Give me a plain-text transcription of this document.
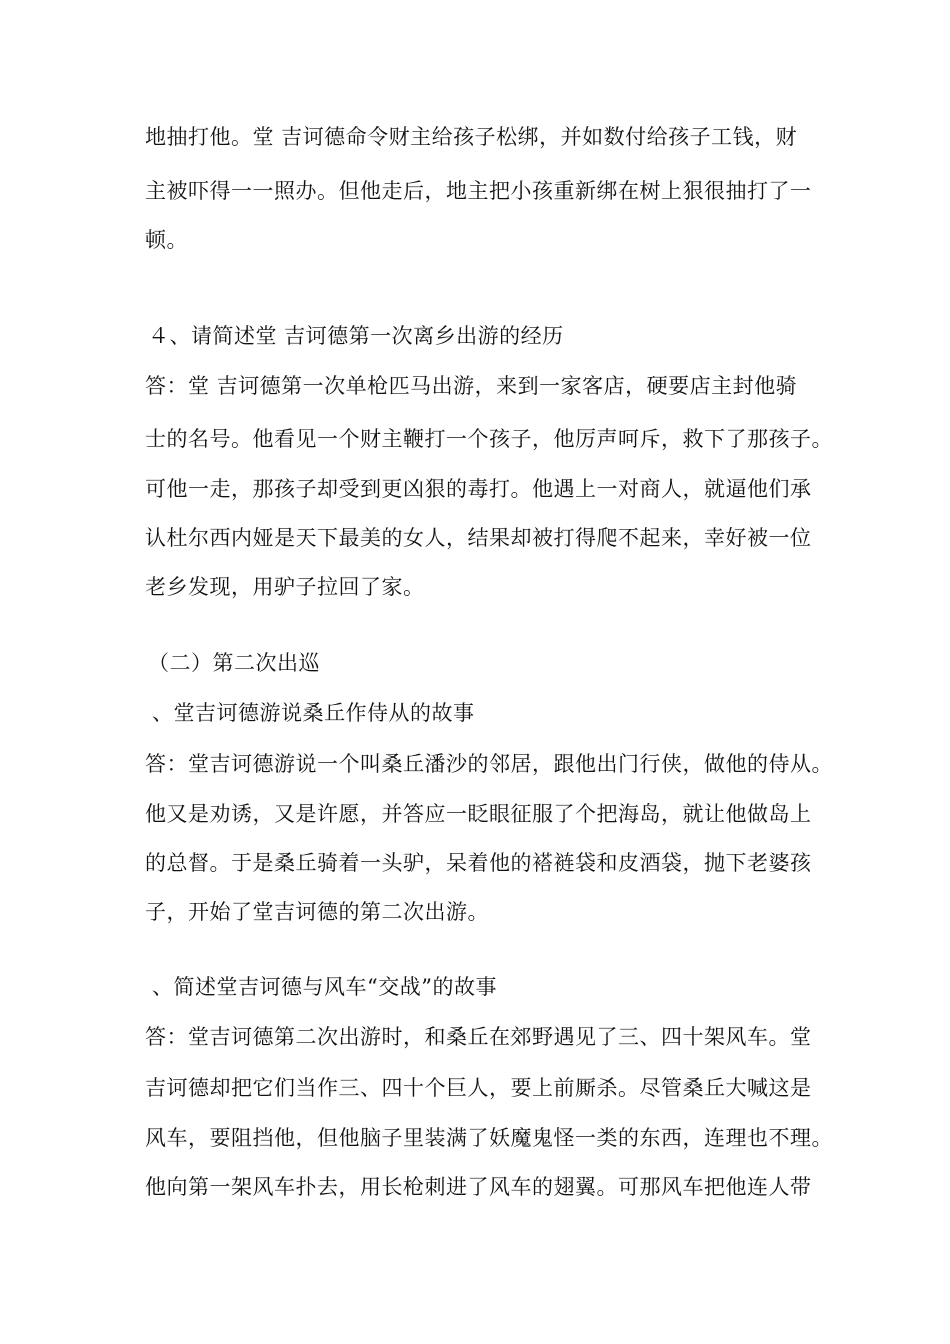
地抽打他。堂 吉诃德命令财主给孩子松绑，并如数付给孩子工钱，财
主被吓得一一照办。但他走后，地主把小孩重新绑在树上狠很抽打了一
顿。
４、请简述堂 吉诃德第一次离乡出游的经历
答：堂 吉诃德第一次单枪匹马出游，来到一家客店，硬要店主封他骑
士的名号。他看见一个财主鞭打一个孩子，他厉声呵斥，救下了那孩子。
可他一走，那孩子却受到更凶狠的毒打。他遇上一对商人，就逼他们承
认杜尔西内娅是天下最美的女人，结果却被打得爬不起来，幸好被一位
老乡发现，用驴子拉回了家。
（二）第二次出巡
、堂吉诃德游说桑丘作侍从的故事
答：堂吉诃德游说一个叫桑丘潘沙的邻居，跟他出门行侠，做他的侍从。
他又是劝诱，又是许愿，并答应一眨眼征服了个把海岛，就让他做岛上
的总督。于是桑丘骑着一头驴，呆着他的褡裢袋和皮酒袋，抛下老婆孩
子，开始了堂吉诃德的第二次出游。
、简述堂吉诃德与风车“交战”的故事
答：堂吉诃德第二次出游时，和桑丘在郊野遇见了三、四十架风车。堂
吉诃德却把它们当作三、四十个巨人，要上前厮杀。尽管桑丘大喊这是
风车，要阻挡他，但他脑子里装满了妖魔鬼怪一类的东西，连理也不理。
他向第一架风车扑去，用长枪刺进了风车的翅翼。可那风车把他连人带
